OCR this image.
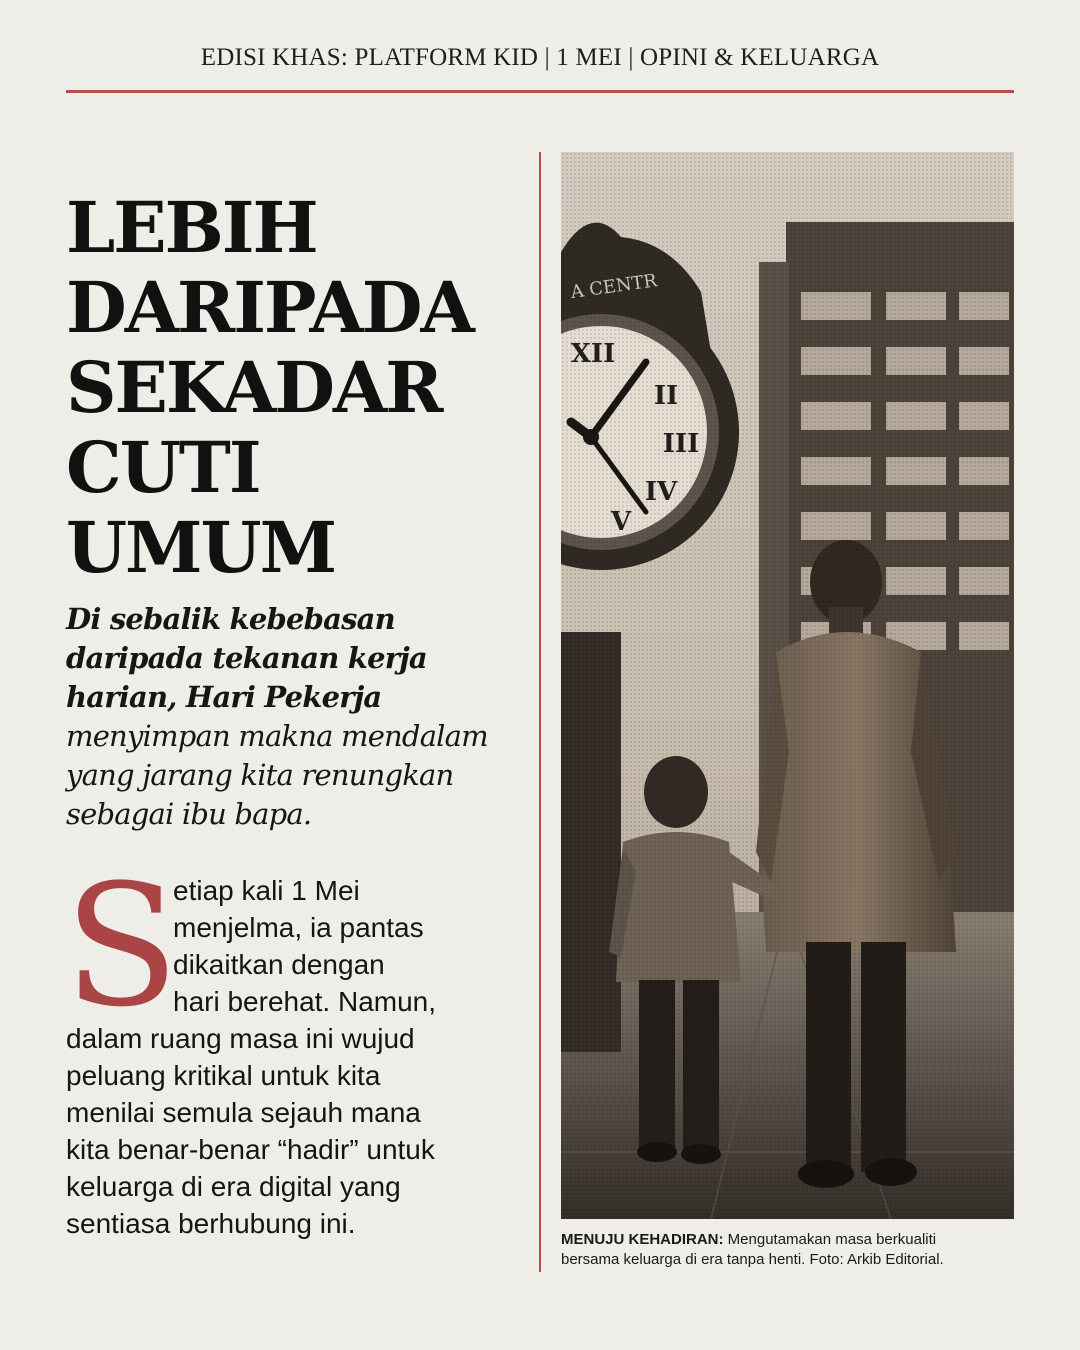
EDISI KHAS: PLATFORM KID | 1 MEI | OPINI & KELUARGA
LEBIH
DARIPADA
SEKADAR
CUTI
UMUM
Di sebalik kebebasan
daripada tekanan kerja
harian, Hari Pekerja
menyimpan makna mendalam
yang jarang kita renungkan
sebagai ibu bapa.
S
etiap kali 1 Mei
menjelma, ia pantas
dikaitkan dengan
hari berehat. Namun,
dalam ruang masa ini wujud
peluang kritikal untuk kita
menilai semula sejauh mana
kita benar-benar “hadir” untuk
keluarga di era digital yang
sentiasa berhubung ini.
MENUJU KEHADIRAN: Mengutamakan masa berkualiti
bersama keluarga di era tanpa henti. Foto: Arkib Editorial.
